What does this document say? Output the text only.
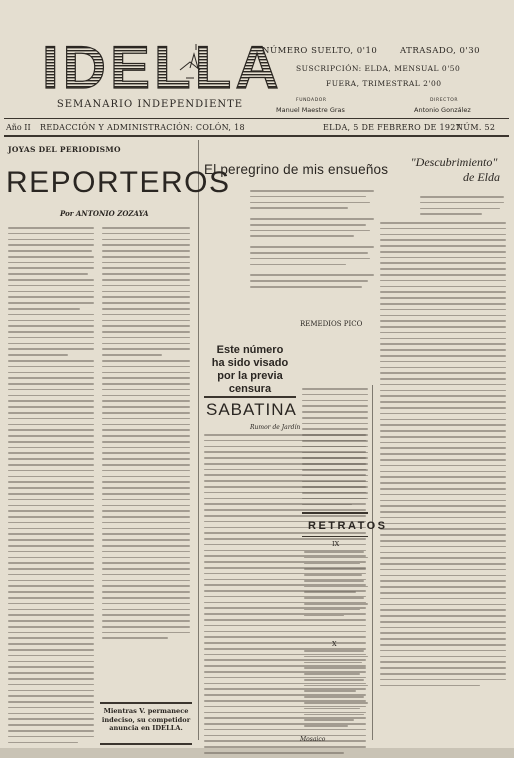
IDELLA
SEMANARIO INDEPENDIENTE
NÚMERO SUELTO, 0'10	ATRASADO, 0'30
SUSCRIPCIÓN: ELDA, MENSUAL 0'50
FUERA, TRIMESTRAL 2'00
FUNDADOR
Manuel Maestre Gras
DIRECTOR
Antonio González
Año II REDACCIÓN Y ADMINISTRACIÓN: COLÓN, 18	ELDA, 5 DE FEBRERO DE 1927
NÚM. 52
JOYAS DEL PERIODISMO
REPORTEROS
Por ANTONIO ZOZAYA
Mientras V. permanece indeciso, su competidor anuncia en IDELLA.
El peregrino de mis ensueños
REMEDIOS PICO
"Descubrimiento"
de Elda
Este número
ha sido visado
por la previa
censura
SABATINA
Rumor de Jardín
Mosaico
RETRATOS
IX
X
